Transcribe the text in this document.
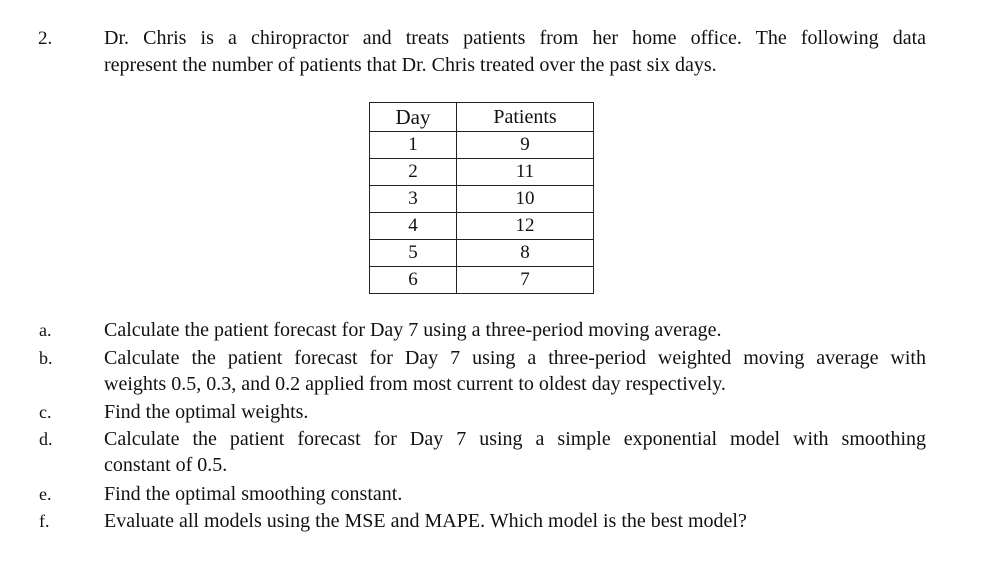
2.	Dr. Chris is a chiropractor and treats patients from her home office. The following data
represent the number of patients that Dr. Chris treated over the past six days.
Day	Patients
1	9
2	11
3	10
4	12
5	8
6	7
a.	Calculate the patient forecast for Day 7 using a three-period moving average.
b.	Calculate the patient forecast for Day 7 using a three-period weighted moving average with
weights 0.5, 0.3, and 0.2 applied from most current to oldest day respectively.
c.	Find the optimal weights.
d.	Calculate the patient forecast for Day 7 using a simple exponential model with smoothing
constant of 0.5.
e.	Find the optimal smoothing constant.
f.	Evaluate all models using the MSE and MAPE. Which model is the best model?
